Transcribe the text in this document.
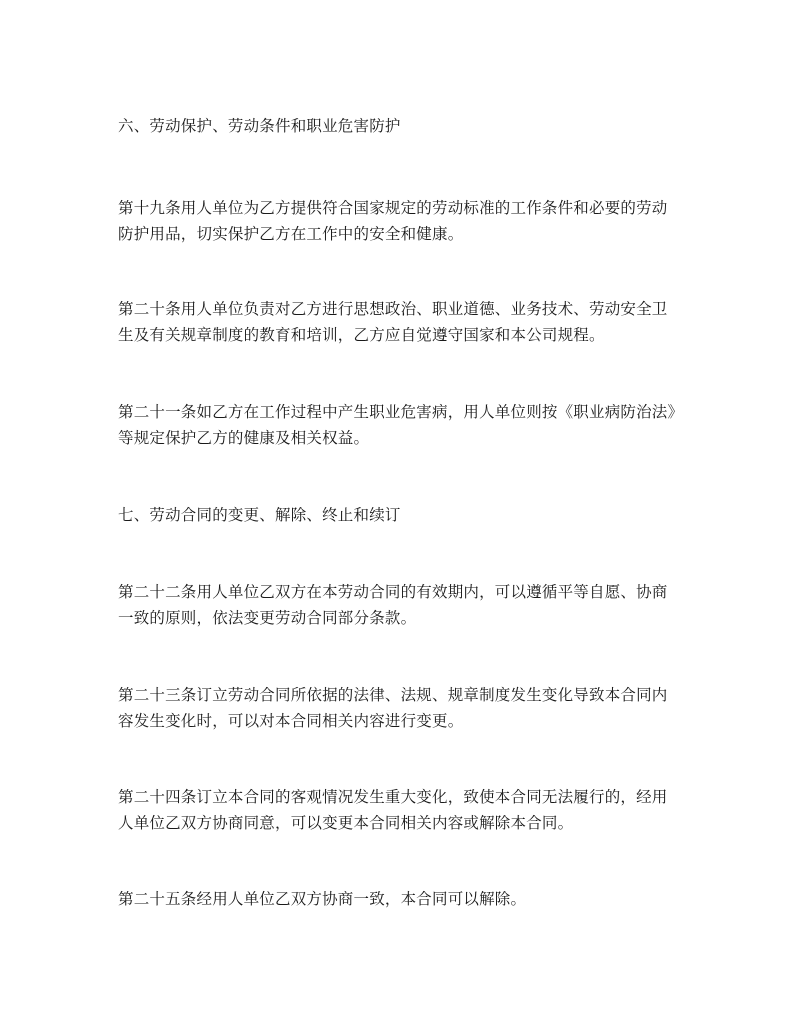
六、劳动保护、劳动条件和职业危害防护

第十九条用人单位为乙方提供符合国家规定的劳动标准的工作条件和必要的劳动防护用品，切实保护乙方在工作中的安全和健康。

第二十条用人单位负责对乙方进行思想政治、职业道德、业务技术、劳动安全卫生及有关规章制度的教育和培训，乙方应自觉遵守国家和本公司规程。

第二十一条如乙方在工作过程中产生职业危害病，用人单位则按《职业病防治法》等规定保护乙方的健康及相关权益。

七、劳动合同的变更、解除、终止和续订

第二十二条用人单位乙双方在本劳动合同的有效期内，可以遵循平等自愿、协商一致的原则，依法变更劳动合同部分条款。

第二十三条订立劳动合同所依据的法律、法规、规章制度发生变化导致本合同内容发生变化时，可以对本合同相关内容进行变更。

第二十四条订立本合同的客观情况发生重大变化，致使本合同无法履行的，经用人单位乙双方协商同意，可以变更本合同相关内容或解除本合同。

第二十五条经用人单位乙双方协商一致，本合同可以解除。
